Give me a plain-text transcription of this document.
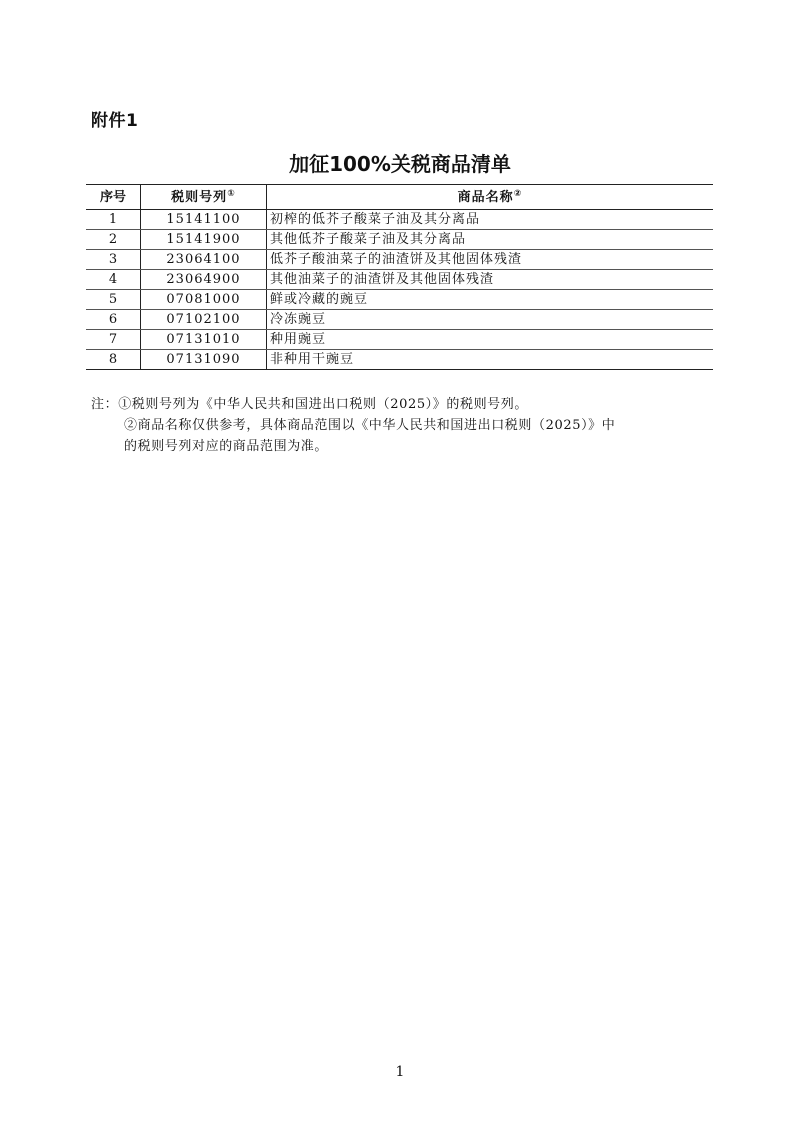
附件1
加征100%关税商品清单
序号	税则号列①	商品名称②
1	15141100	初榨的低芥子酸菜子油及其分离品
2	15141900	其他低芥子酸菜子油及其分离品
3	23064100	低芥子酸油菜子的油渣饼及其他固体残渣
4	23064900	其他油菜子的油渣饼及其他固体残渣
5	07081000	鲜或冷藏的豌豆
6	07102100	冷冻豌豆
7	07131010	种用豌豆
8	07131090	非种用干豌豆
注：①税则号列为《中华人民共和国进出口税则（2025）》的税则号列。
②商品名称仅供参考，具体商品范围以《中华人民共和国进出口税则（2025）》中
的税则号列对应的商品范围为准。
1
